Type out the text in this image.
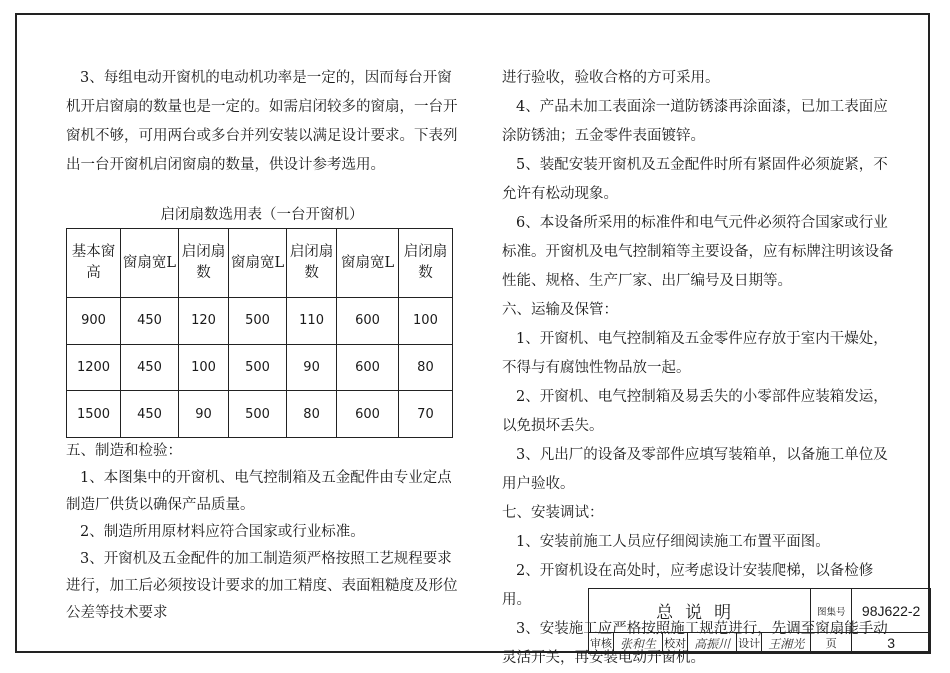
3、每组电动开窗机的电动机功率是一定的，因而每台开窗机开启窗扇的数量也是一定的。如需启闭较多的窗扇，一台开窗机不够，可用两台或多台并列安装以满足设计要求。下表列出一台开窗机启闭窗扇的数量，供设计参考选用。

启闭扇数选用表（一台开窗机）
基本窗高	窗扇宽L	启闭扇数	窗扇宽L	启闭扇数	窗扇宽L	启闭扇数
900	450	120	500	110	600	100
1200	450	100	500	90	600	80
1500	450	90	500	80	600	70

五、制造和检验：

1、本图集中的开窗机、电气控制箱及五金配件由专业定点制造厂供货以确保产品质量。

2、制造所用原材料应符合国家或行业标准。

3、开窗机及五金配件的加工制造须严格按照工艺规程要求进行，加工后必须按设计要求的加工精度、表面粗糙度及形位公差等技术要求

进行验收，验收合格的方可采用。

4、产品未加工表面涂一道防锈漆再涂面漆，已加工表面应涂防锈油；五金零件表面镀锌。

5、装配安装开窗机及五金配件时所有紧固件必须旋紧，不允许有松动现象。

6、本设备所采用的标准件和电气元件必须符合国家或行业标准。开窗机及电气控制箱等主要设备，应有标牌注明该设备性能、规格、生产厂家、出厂编号及日期等。

六、运输及保管：

1、开窗机、电气控制箱及五金零件应存放于室内干燥处，不得与有腐蚀性物品放一起。

2、开窗机、电气控制箱及易丢失的小零部件应装箱发运，以免损坏丢失。

3、凡出厂的设备及零部件应填写装箱单，以备施工单位及用户验收。

七、安装调试：

1、安装前施工人员应仔细阅读施工布置平面图。

2、开窗机设在高处时，应考虑设计安装爬梯，以备检修用。

3、安装施工应严格按照施工规范进行，先调至窗扇能手动灵活开关，再安装电动开窗机。

总说明						图集号	98J622-2
审核	张和生	校对	高振川	设计	王湘光	页	3
